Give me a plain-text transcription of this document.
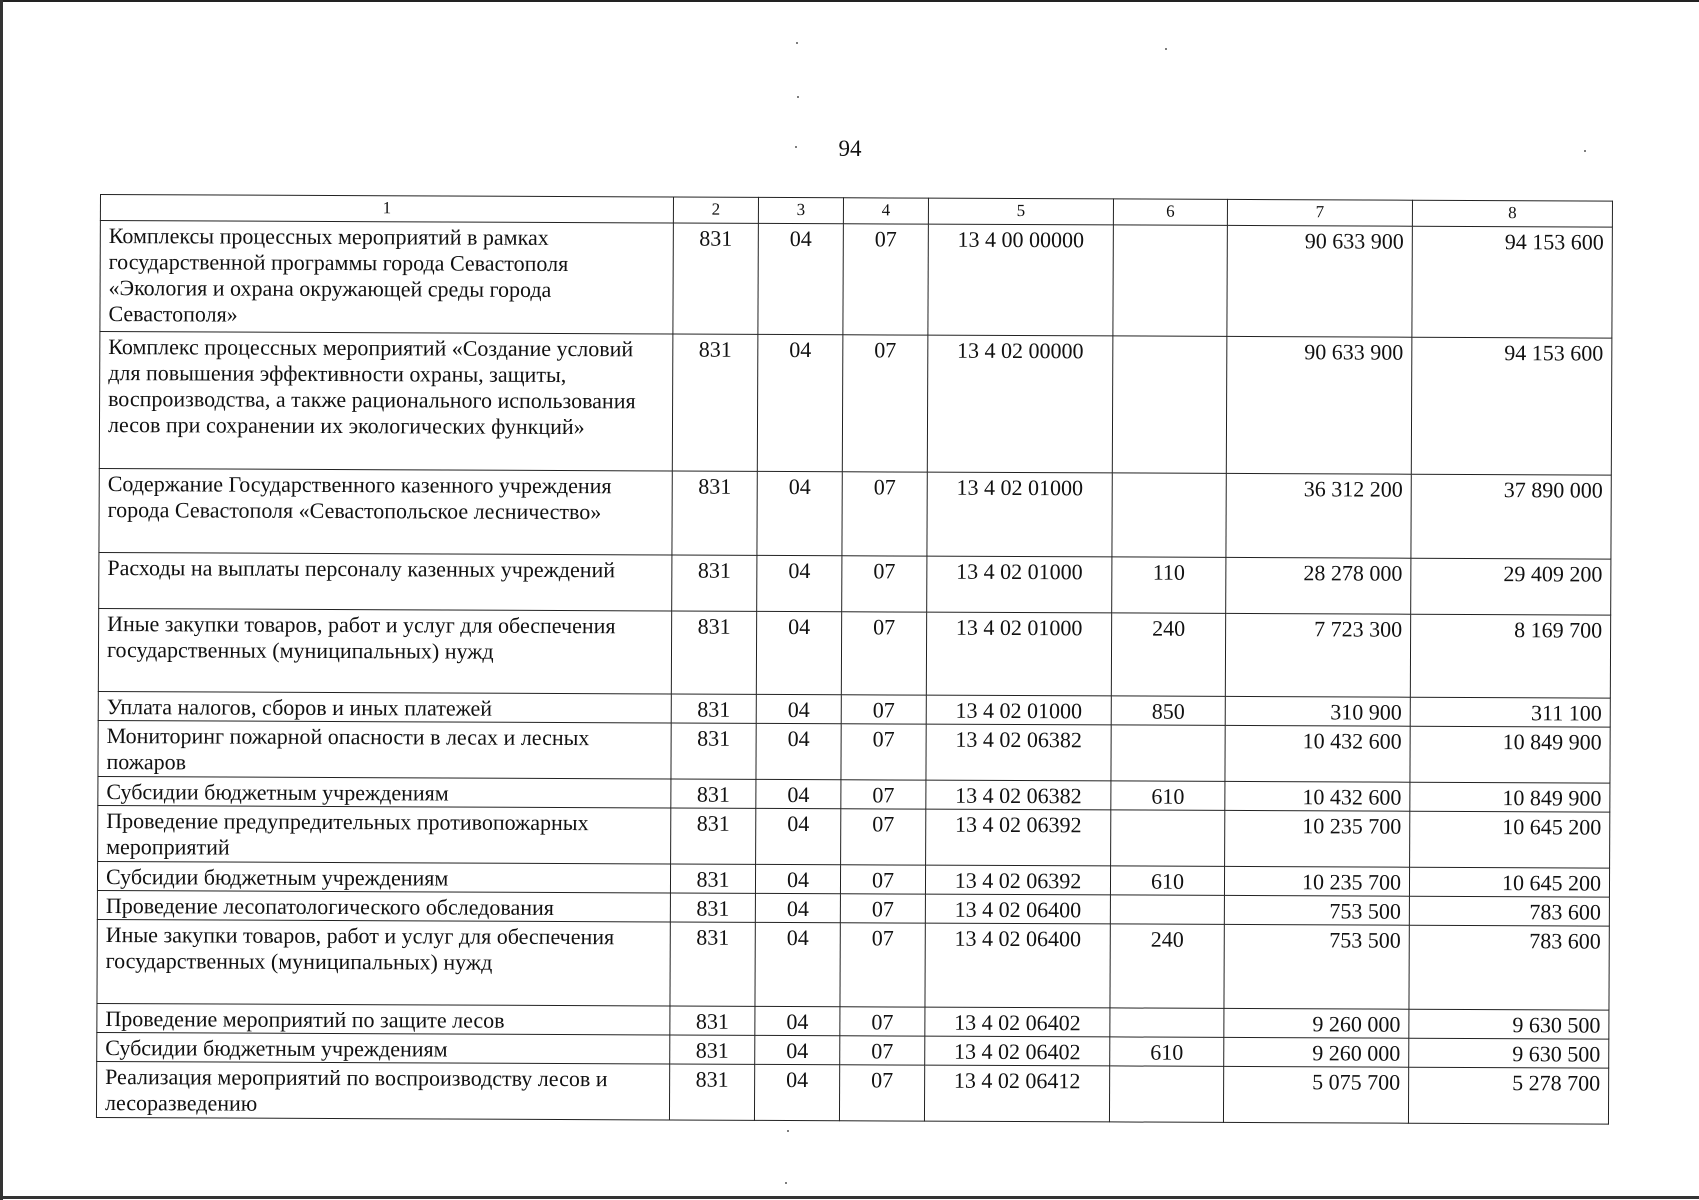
94
1	2	3	4	5	6	7	8
Комплексы процессных мероприятий в рамках государственной программы города Севастополя «Экология и охрана окружающей среды города Севастополя»	831	04	07	13 4 00 00000		90 633 900	94 153 600
Комплекс процессных мероприятий «Создание условий для повышения эффективности охраны, защиты, воспроизводства, а также рационального использования лесов при сохранении их экологических функций»	831	04	07	13 4 02 00000		90 633 900	94 153 600
Содержание Государственного казенного учреждения города Севастополя «Севастопольское лесничество»	831	04	07	13 4 02 01000		36 312 200	37 890 000
Расходы на выплаты персоналу казенных учреждений	831	04	07	13 4 02 01000	110	28 278 000	29 409 200
Иные закупки товаров, работ и услуг для обеспечения государственных (муниципальных) нужд	831	04	07	13 4 02 01000	240	7 723 300	8 169 700
Уплата налогов, сборов и иных платежей	831	04	07	13 4 02 01000	850	310 900	311 100
Мониторинг пожарной опасности в лесах и лесных пожаров	831	04	07	13 4 02 06382		10 432 600	10 849 900
Субсидии бюджетным учреждениям	831	04	07	13 4 02 06382	610	10 432 600	10 849 900
Проведение предупредительных противопожарных мероприятий	831	04	07	13 4 02 06392		10 235 700	10 645 200
Субсидии бюджетным учреждениям	831	04	07	13 4 02 06392	610	10 235 700	10 645 200
Проведение лесопатологического обследования	831	04	07	13 4 02 06400		753 500	783 600
Иные закупки товаров, работ и услуг для обеспечения государственных (муниципальных) нужд	831	04	07	13 4 02 06400	240	753 500	783 600
Проведение мероприятий по защите лесов	831	04	07	13 4 02 06402		9 260 000	9 630 500
Субсидии бюджетным учреждениям	831	04	07	13 4 02 06402	610	9 260 000	9 630 500
Реализация мероприятий по воспроизводству лесов и лесоразведению	831	04	07	13 4 02 06412		5 075 700	5 278 700
